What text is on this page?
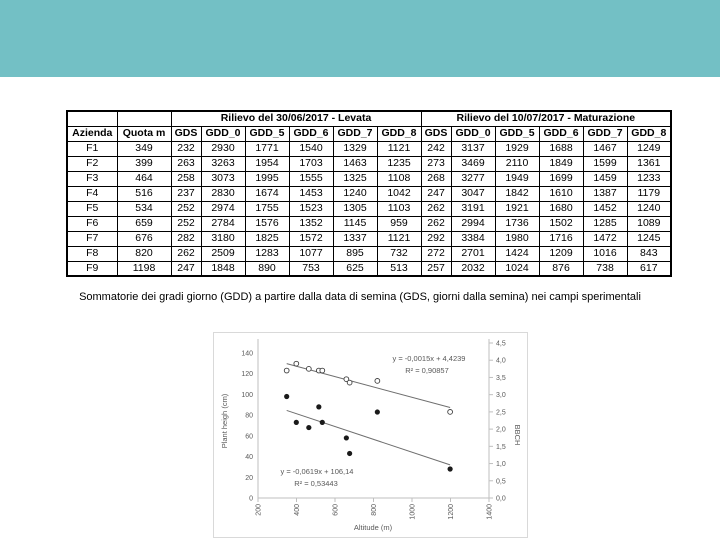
		Rilievo del 30/06/2017 - Levata						Rilievo del 10/07/2017 - Maturazione					
Azienda	Quota m	GDS	GDD_0	GDD_5	GDD_6	GDD_7	GDD_8	GDS	GDD_0	GDD_5	GDD_6	GDD_7	GDD_8
F1	349	232	2930	1771	1540	1329	1121	242	3137	1929	1688	1467	1249
F2	399	263	3263	1954	1703	1463	1235	273	3469	2110	1849	1599	1361
F3	464	258	3073	1995	1555	1325	1108	268	3277	1949	1699	1459	1233
F4	516	237	2830	1674	1453	1240	1042	247	3047	1842	1610	1387	1179
F5	534	252	2974	1755	1523	1305	1103	262	3191	1921	1680	1452	1240
F6	659	252	2784	1576	1352	1145	959	262	2994	1736	1502	1285	1089
F7	676	282	3180	1825	1572	1337	1121	292	3384	1980	1716	1472	1245
F8	820	262	2509	1283	1077	895	732	272	2701	1424	1209	1016	843
F9	1198	247	1848	890	753	625	513	257	2032	1024	876	738	617
Sommatorie dei gradi giorno (GDD) a partire dalla data di semina (GDS, giorni dalla semina) nei campi sperimentali
0
20
40
60
80
100
120
140
0,0
0,5
1,0
1,5
2,0
2,5
3,0
3,5
4,0
4,5
200	400	600	800	1000	1200	1400
Plant heigh (cm)
Altitude (m)
BBCH
y = -0,0015x + 4,4239
R² = 0,90857
y = -0,0619x + 106,14
R² = 0,53443
